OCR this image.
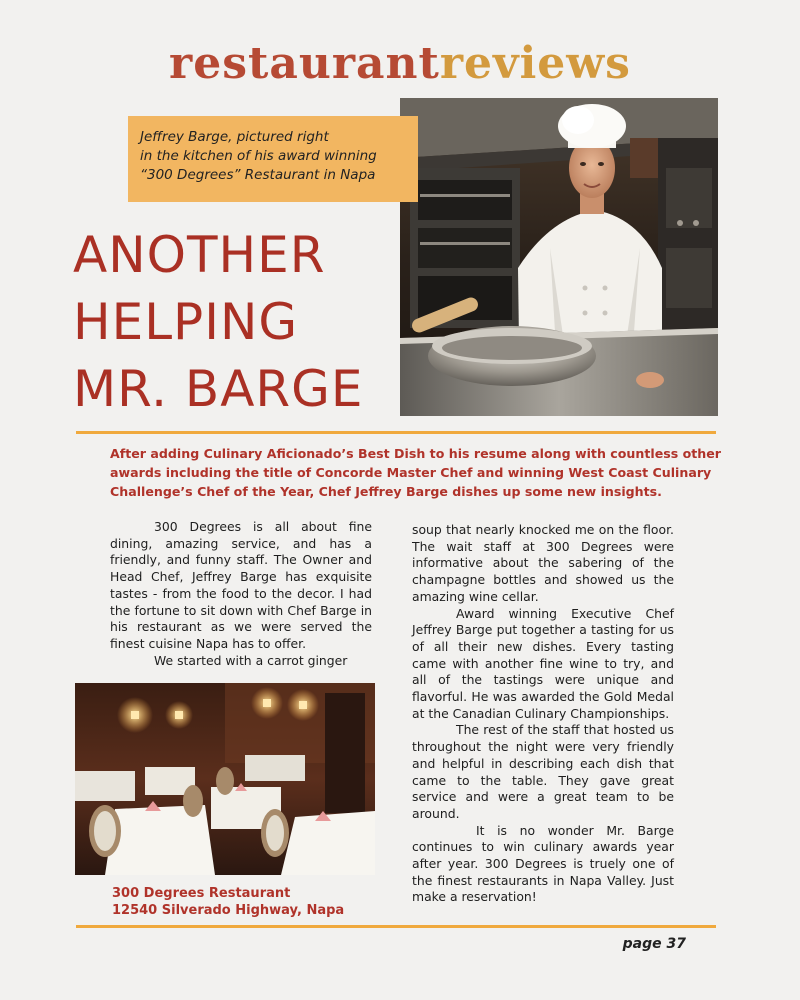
restaurantreviews
Jeffrey Barge, pictured right
in the kitchen of his award winning
“300 Degrees” Restaurant in Napa
ANOTHER
HELPING
MR. BARGE
After adding Culinary Aficionado’s Best Dish to his resume along with countless other
awards including the title of Concorde Master Chef and winning West Coast Culinary
Challenge’s Chef of the Year, Chef Jeffrey Barge dishes up some new insights.

300 Degrees is all about fine dining, amazing service, and has a friendly, and funny staff. The Owner and Head Chef, Jeffrey Barge has exquisite tastes - from the food to the decor. I had the fortune to sit down with Chef Barge in his restaurant as we were served the finest cuisine Napa has to offer.

We started with a carrot ginger

300 Degrees Restaurant
12540 Silverado Highway, Napa

soup that nearly knocked me on the floor. The wait staff at 300 Degrees were informative about the sabering of the champagne bottles and showed us the amazing wine cellar.

Award winning Executive Chef Jeffrey Barge put together a tasting for us of all their new dishes. Every tasting came with another fine wine to try, and all of the tastings were unique and flavorful. He was awarded the Gold Medal at the Canadian Culinary Championships.

The rest of the staff that hosted us throughout the night were very friendly and helpful in describing each dish that came to the table. They gave great service and were a great team to be around.

It is no wonder Mr. Barge continues to win culinary awards year after year. 300 Degrees is truely one of the finest restaurants in Napa Valley. Just make a reservation!

page 37
